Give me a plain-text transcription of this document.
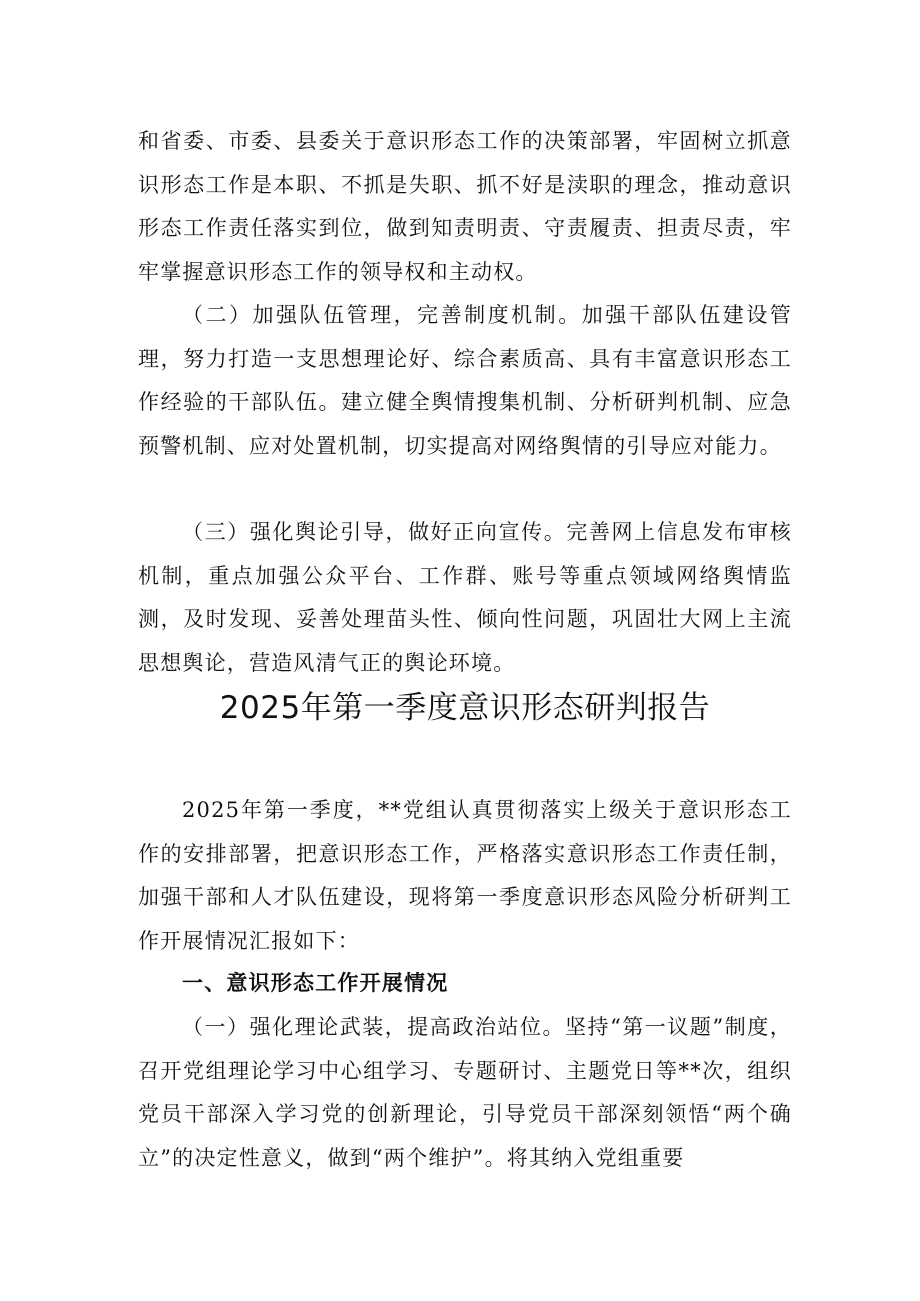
和省委、市委、县委关于意识形态工作的决策部署，牢固树立抓意识形态工作是本职、不抓是失职、抓不好是渎职的理念，推动意识形态工作责任落实到位，做到知责明责、守责履责、担责尽责，牢牢掌握意识形态工作的领导权和主动权。

（二）加强队伍管理，完善制度机制。加强干部队伍建设管理，努力打造一支思想理论好、综合素质高、具有丰富意识形态工作经验的干部队伍。建立健全舆情搜集机制、分析研判机制、应急预警机制、应对处置机制，切实提高对网络舆情的引导应对能力。

（三）强化舆论引导，做好正向宣传。完善网上信息发布审核机制，重点加强公众平台、工作群、账号等重点领域网络舆情监测，及时发现、妥善处理苗头性、倾向性问题，巩固壮大网上主流思想舆论，营造风清气正的舆论环境。

2025年第一季度意识形态研判报告

2025年第一季度，**党组认真贯彻落实上级关于意识形态工作的安排部署，把意识形态工作，严格落实意识形态工作责任制，加强干部和人才队伍建设，现将第一季度意识形态风险分析研判工作开展情况汇报如下：

一、意识形态工作开展情况

（一）强化理论武装，提高政治站位。坚持“第一议题”制度，召开党组理论学习中心组学习、专题研讨、主题党日等**次，组织党员干部深入学习党的创新理论，引导党员干部深刻领悟“两个确立”的决定性意义，做到“两个维护”。将其纳入党组重要
